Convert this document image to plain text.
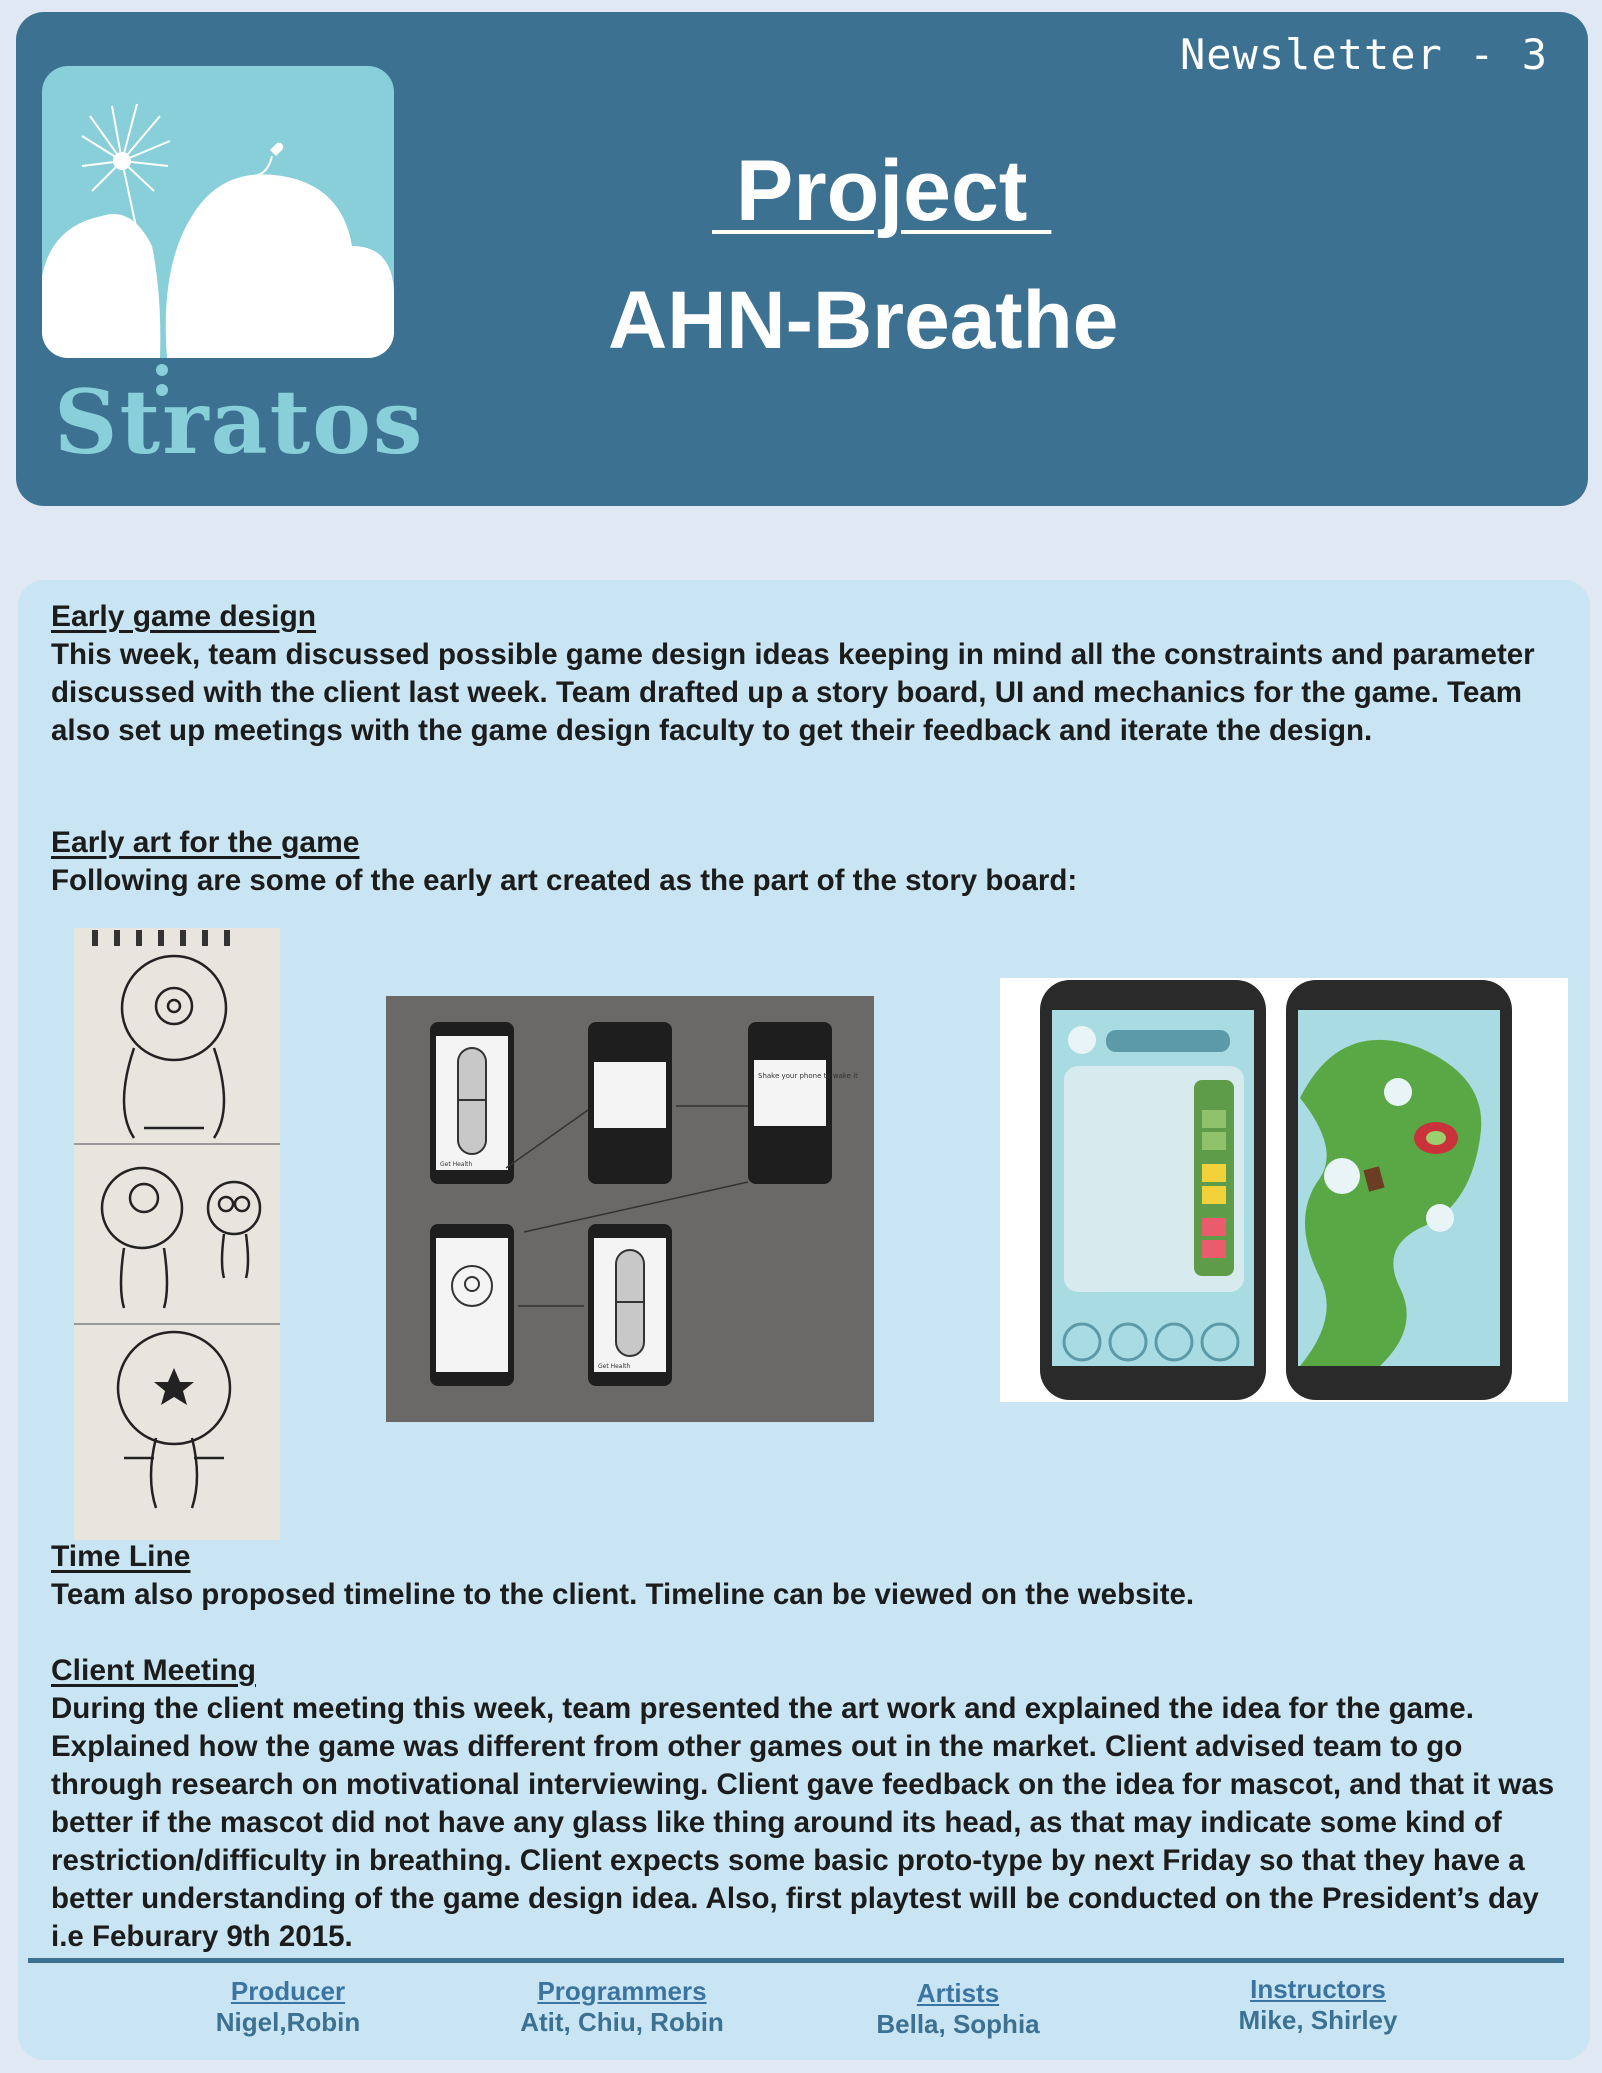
Stratos
Newsletter - 3
Project
AHN-Breathe
Early game design
This week, team discussed possible game design ideas keeping in mind all the constraints and parameter discussed with the client last week. Team drafted up a story board, UI and mechanics for the game. Team also set up meetings with the game design faculty to get their feedback and iterate the design.
Early art for the game
Following are some of the early art created as the part of the story board:
Shake your phone to wake it
Get Health
Get Health
Time Line
Team also proposed timeline to the client. Timeline can be viewed on the website.
Client Meeting
During the client meeting this week, team presented the art work and explained the idea for the game. Explained how the game was different from other games out in the market. Client advised team to go through research on motivational interviewing. Client gave feedback on the idea for mascot, and that it was better if the mascot did not have any glass like thing around its head, as that may indicate some kind of restriction/difficulty in breathing. Client expects some basic proto-type by next Friday so that they have a better understanding of the game design idea. Also, first playtest will be conducted on the President’s day i.e Feburary 9th 2015.
Producer
Nigel,Robin
Programmers
Atit, Chiu, Robin
Artists
Bella, Sophia
Instructors
Mike, Shirley
